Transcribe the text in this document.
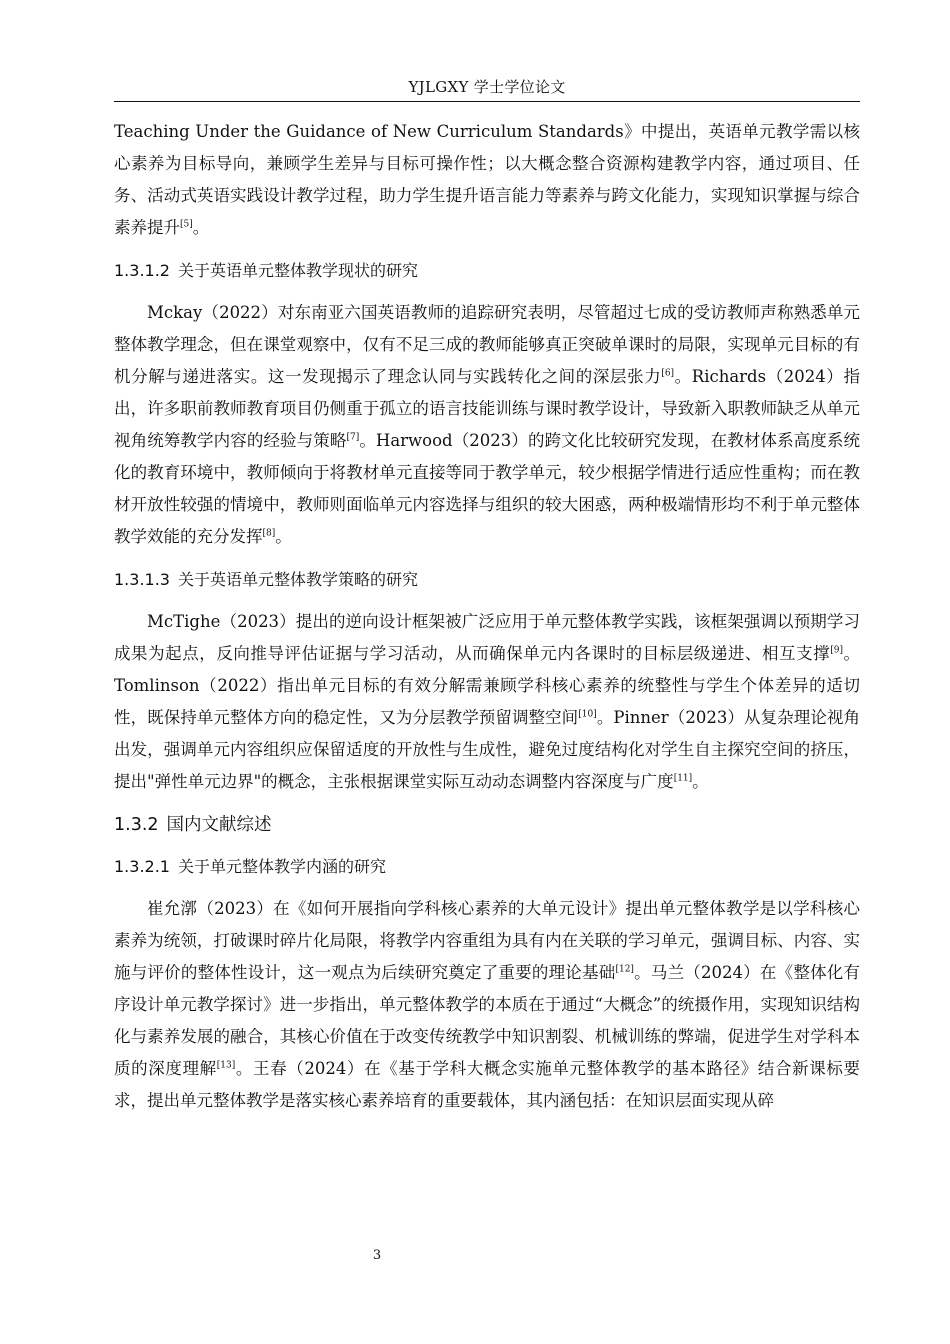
YJLGXY 学士学位论文

Teaching Under the Guidance of New Curriculum Standards》中提出，英语单元教学需以核心素养为目标导向，兼顾学生差异与目标可操作性；以大概念整合资源构建教学内容，通过项目、任务、活动式英语实践设计教学过程，助力学生提升语言能力等素养与跨文化能力，实现知识掌握与综合素养提升[5]。

1.3.1.2 关于英语单元整体教学现状的研究

Mckay（2022）对东南亚六国英语教师的追踪研究表明，尽管超过七成的受访教师声称熟悉单元整体教学理念，但在课堂观察中，仅有不足三成的教师能够真正突破单课时的局限，实现单元目标的有机分解与递进落实。这一发现揭示了理念认同与实践转化之间的深层张力[6]。Richards（2024）指出，许多职前教师教育项目仍侧重于孤立的语言技能训练与课时教学设计，导致新入职教师缺乏从单元视角统筹教学内容的经验与策略[7]。Harwood（2023）的跨文化比较研究发现，在教材体系高度系统化的教育环境中，教师倾向于将教材单元直接等同于教学单元，较少根据学情进行适应性重构；而在教材开放性较强的情境中，教师则面临单元内容选择与组织的较大困惑，两种极端情形均不利于单元整体教学效能的充分发挥[8]。

1.3.1.3 关于英语单元整体教学策略的研究

McTighe（2023）提出的逆向设计框架被广泛应用于单元整体教学实践，该框架强调以预期学习成果为起点，反向推导评估证据与学习活动，从而确保单元内各课时的目标层级递进、相互支撑[9]。Tomlinson（2022）指出单元目标的有效分解需兼顾学科核心素养的统整性与学生个体差异的适切性，既保持单元整体方向的稳定性，又为分层教学预留调整空间[10]。Pinner（2023）从复杂理论视角出发，强调单元内容组织应保留适度的开放性与生成性，避免过度结构化对学生自主探究空间的挤压，提出"弹性单元边界"的概念，主张根据课堂实际互动动态调整内容深度与广度[11]。

1.3.2 国内文献综述
1.3.2.1 关于单元整体教学内涵的研究

崔允漷（2023）在《如何开展指向学科核心素养的大单元设计》提出单元整体教学是以学科核心素养为统领，打破课时碎片化局限，将教学内容重组为具有内在关联的学习单元，强调目标、内容、实施与评价的整体性设计，这一观点为后续研究奠定了重要的理论基础[12]。马兰（2024）在《整体化有序设计单元教学探讨》进一步指出，单元整体教学的本质在于通过“大概念”的统摄作用，实现知识结构化与素养发展的融合，其核心价值在于改变传统教学中知识割裂、机械训练的弊端，促进学生对学科本质的深度理解[13]。王春（2024）在《基于学科大概念实施单元整体教学的基本路径》结合新课标要求，提出单元整体教学是落实核心素养培育的重要载体，其内涵包括：在知识层面实现从碎

3
